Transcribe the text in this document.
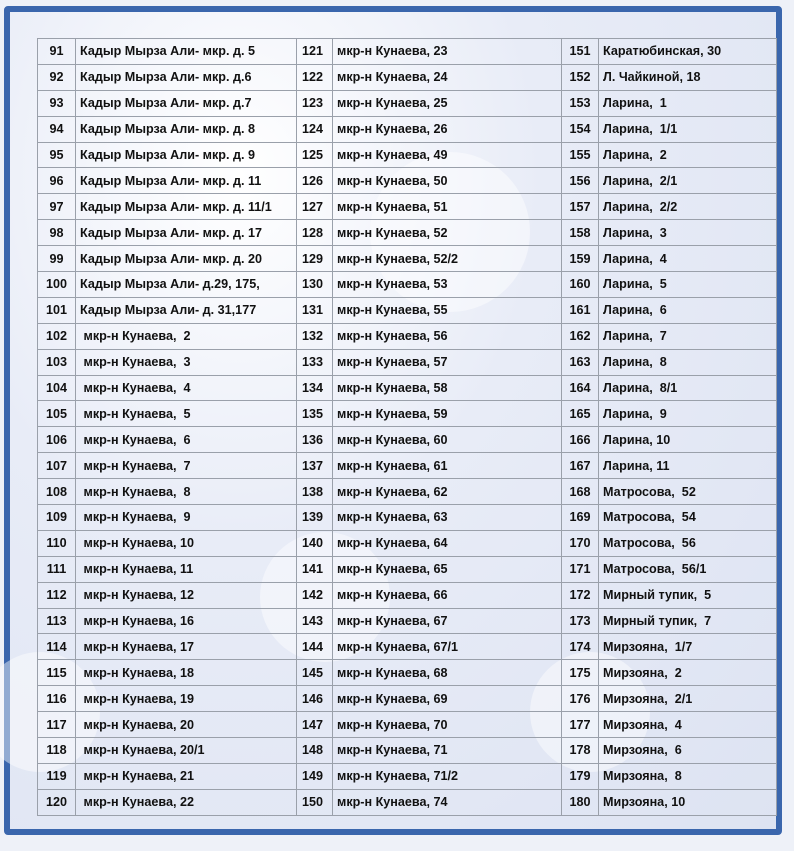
91	Кадыр Мырза Али- мкр. д. 5	121	мкр-н Кунаева, 23	151	Каратюбинская, 30
92	Кадыр Мырза Али- мкр. д.6	122	мкр-н Кунаева, 24	152	Л. Чайкиной, 18
93	Кадыр Мырза Али- мкр. д.7	123	мкр-н Кунаева, 25	153	Ларина,  1
94	Кадыр Мырза Али- мкр. д. 8	124	мкр-н Кунаева, 26	154	Ларина,  1/1
95	Кадыр Мырза Али- мкр. д. 9	125	мкр-н Кунаева, 49	155	Ларина,  2
96	Кадыр Мырза Али- мкр. д. 11	126	мкр-н Кунаева, 50	156	Ларина,  2/1
97	Кадыр Мырза Али- мкр. д. 11/1	127	мкр-н Кунаева, 51	157	Ларина,  2/2
98	Кадыр Мырза Али- мкр. д. 17	128	мкр-н Кунаева, 52	158	Ларина,  3
99	Кадыр Мырза Али- мкр. д. 20	129	мкр-н Кунаева, 52/2	159	Ларина,  4
100	Кадыр Мырза Али- д.29, 175,	130	мкр-н Кунаева, 53	160	Ларина,  5
101	Кадыр Мырза Али- д. 31,177	131	мкр-н Кунаева, 55	161	Ларина,  6
102	мкр-н Кунаева,  2	132	мкр-н Кунаева, 56	162	Ларина,  7
103	мкр-н Кунаева,  3	133	мкр-н Кунаева, 57	163	Ларина,  8
104	мкр-н Кунаева,  4	134	мкр-н Кунаева, 58	164	Ларина,  8/1
105	мкр-н Кунаева,  5	135	мкр-н Кунаева, 59	165	Ларина,  9
106	мкр-н Кунаева,  6	136	мкр-н Кунаева, 60	166	Ларина, 10
107	мкр-н Кунаева,  7	137	мкр-н Кунаева, 61	167	Ларина, 11
108	мкр-н Кунаева,  8	138	мкр-н Кунаева, 62	168	Матросова,  52
109	мкр-н Кунаева,  9	139	мкр-н Кунаева, 63	169	Матросова,  54
110	мкр-н Кунаева, 10	140	мкр-н Кунаева, 64	170	Матросова,  56
111	мкр-н Кунаева, 11	141	мкр-н Кунаева, 65	171	Матросова,  56/1
112	мкр-н Кунаева, 12	142	мкр-н Кунаева, 66	172	Мирный тупик,  5
113	мкр-н Кунаева, 16	143	мкр-н Кунаева, 67	173	Мирный тупик,  7
114	мкр-н Кунаева, 17	144	мкр-н Кунаева, 67/1	174	Мирзояна,  1/7
115	мкр-н Кунаева, 18	145	мкр-н Кунаева, 68	175	Мирзояна,  2
116	мкр-н Кунаева, 19	146	мкр-н Кунаева, 69	176	Мирзояна,  2/1
117	мкр-н Кунаева, 20	147	мкр-н Кунаева, 70	177	Мирзояна,  4
118	мкр-н Кунаева, 20/1	148	мкр-н Кунаева, 71	178	Мирзояна,  6
119	мкр-н Кунаева, 21	149	мкр-н Кунаева, 71/2	179	Мирзояна,  8
120	мкр-н Кунаева, 22	150	мкр-н Кунаева, 74	180	Мирзояна, 10
